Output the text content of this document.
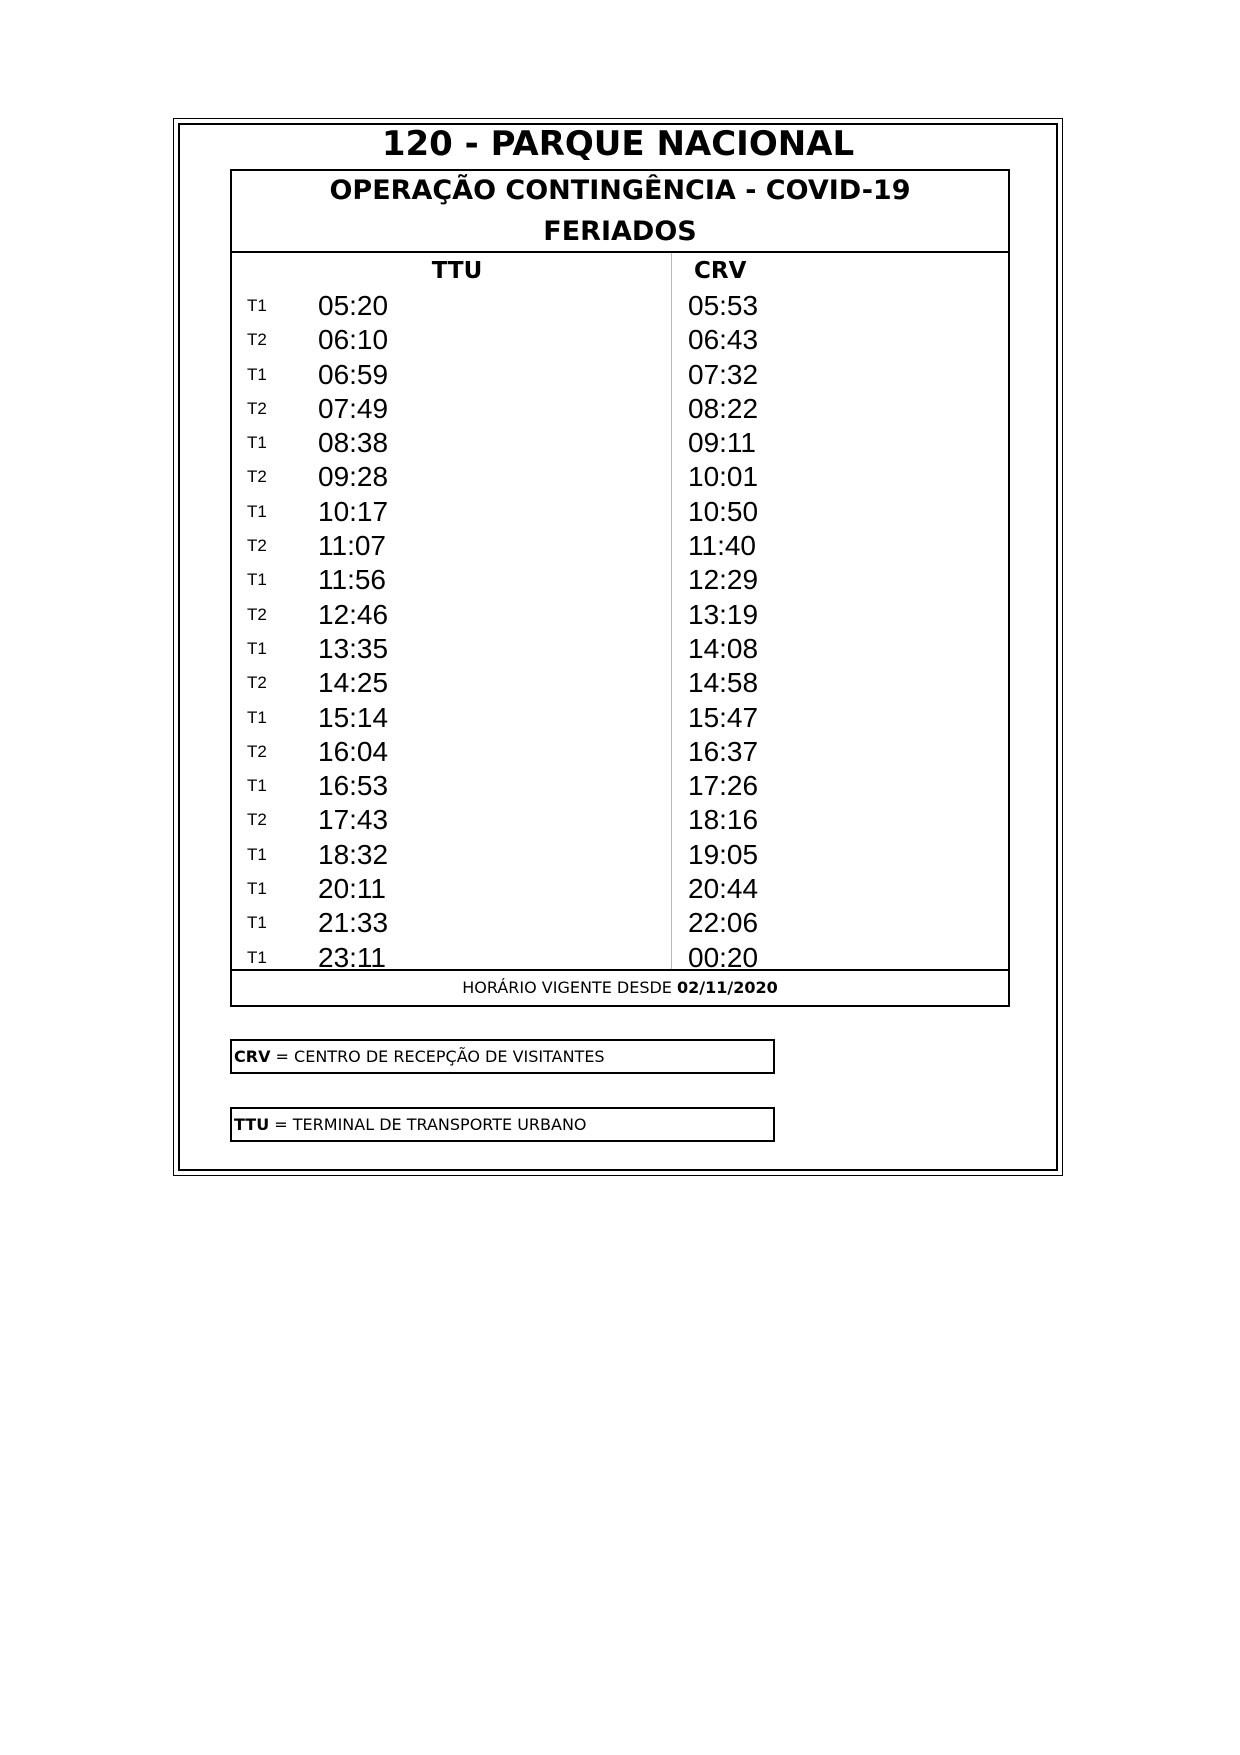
120 - PARQUE NACIONAL
OPERAÇÃO CONTINGÊNCIA - COVID-19
FERIADOS
TTU	CRV
T1 05:20	05:53
T2 06:10	06:43
T1 06:59	07:32
T2 07:49	08:22
T1 08:38	09:11
T2 09:28	10:01
T1 10:17	10:50
T2 11:07	11:40
T1 11:56	12:29
T2 12:46	13:19
T1 13:35	14:08
T2 14:25	14:58
T1 15:14	15:47
T2 16:04	16:37
T1 16:53	17:26
T2 17:43	18:16
T1 18:32	19:05
T1 20:11	20:44
T1 21:33	22:06
T1 23:11	00:20
HORÁRIO VIGENTE DESDE 02/11/2020
CRV = CENTRO DE RECEPÇÃO DE VISITANTES
TTU = TERMINAL DE TRANSPORTE URBANO
